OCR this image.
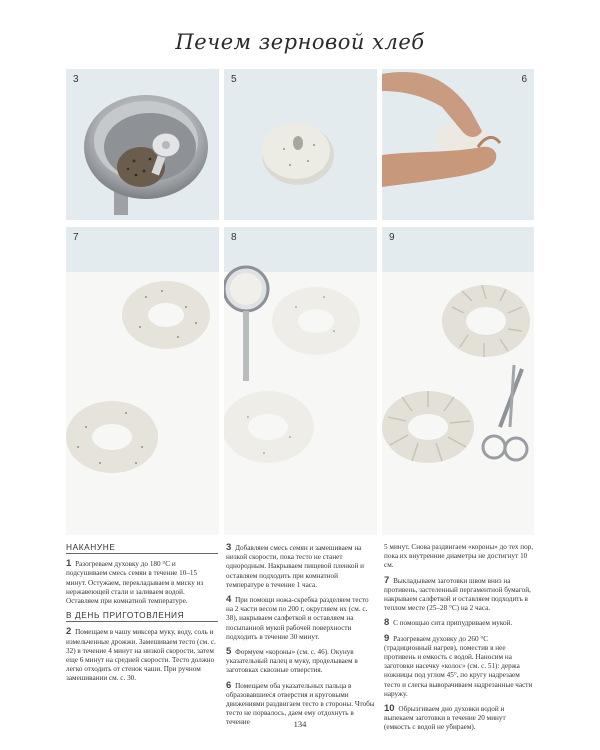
Печем зерновой хлеб
3	5	6
7	8	9
НАКАНУНЕ

1 Разогреваем духовку до 180 °C и подсушиваем смесь семян в течение 10–15 минут. Остужаем, перекладываем в миску из нержавеющей стали и заливаем водой. Оставляем при комнатной температуре.

В ДЕНЬ ПРИГОТОВЛЕНИЯ

2 Помещаем в чашу миксера муку, воду, соль и измельченные дрожжи. Замешиваем тесто (см. с. 32) в течение 4 минут на низкой скорости, затем еще 6 минут на средней скорости. Тесто должно легко отходить от стенок чаши. При ручном замешивании см. с. 30.

3 Добавляем смесь семян и замешиваем на низкой скорости, пока тесто не станет однородным. Накрываем пищевой пленкой и оставляем подходить при комнатной температуре в течение 1 часа.

4 При помощи ножа-скребка разделяем тесто на 2 части весом по 200 г, округляем их (см. с. 38), накрываем салфеткой и оставляем на посыпанной мукой рабочей поверхности подходить в течение 30 минут.

5 Формуем «короны» (см. с. 46). Окунув указательный палец в муку, проделываем в заготовках сквозные отверстия.

6 Помещаем оба указательных пальца в образовавшиеся отверстия и круговыми движениями раздвигаем тесто в стороны. Чтобы тесто не порвалось, даем ему отдохнуть в течение

5 минут. Снова раздвигаем «короны» до тех пор, пока их внутренние диаметры не достигнут 10 см.

7 Выкладываем заготовки швом вниз на противень, застеленный пергаментной бумагой, накрываем салфеткой и оставляем подходить в теплом месте (25–28 °C) на 2 часа.

8 С помощью сита припудриваем мукой.

9 Разогреваем духовку до 260 °C (традиционный нагрев), поместив в нее противень и емкость с водой. Наносим на заготовки насечку «колос» (см. с. 51): держа ножницы под углом 45°, по кругу надрезаем тесто и слегка выворачиваем надрезанные части наружу.

10 Обрызгиваем дно духовки водой и выпекаем заготовки в течение 20 минут (емкость с водой не убираем).

134
